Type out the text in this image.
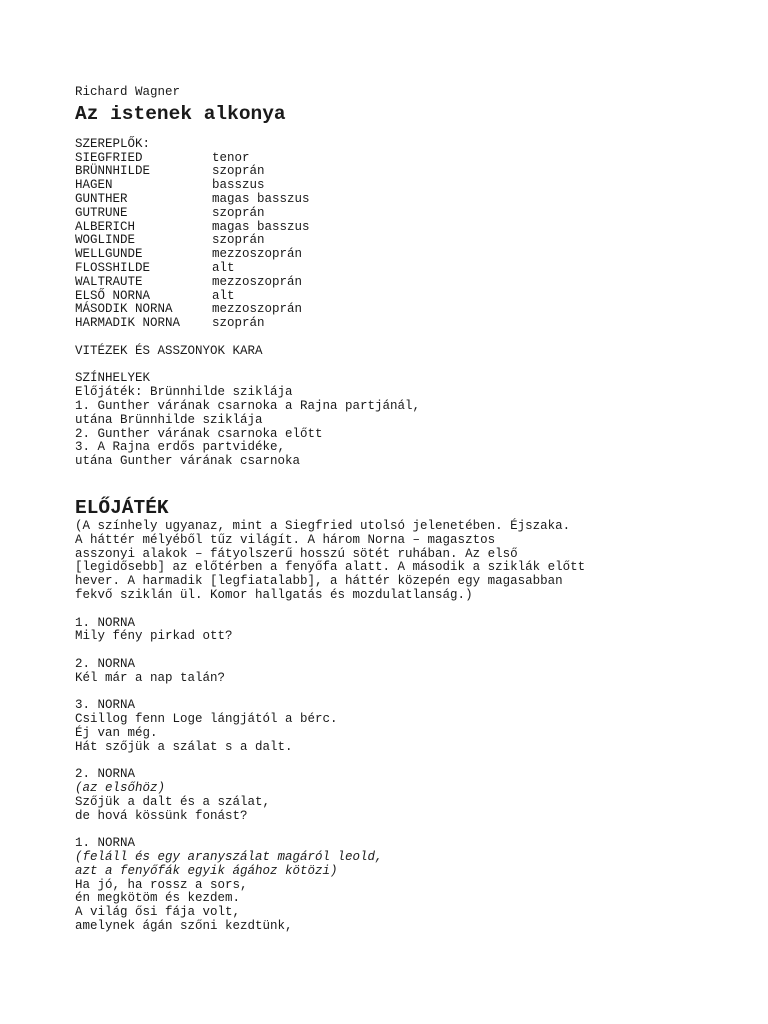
Richard Wagner
Az istenek alkonya
SZEREPLŐK:
SIEGFRIED	tenor
BRÜNNHILDE	szoprán
HAGEN	basszus
GUNTHER	magas basszus
GUTRUNE	szoprán
ALBERICH	magas basszus
WOGLINDE	szoprán
WELLGUNDE	mezzoszoprán
FLOSSHILDE	alt
WALTRAUTE	mezzoszoprán
ELSŐ NORNA	alt
MÁSODIK NORNA	mezzoszoprán
HARMADIK NORNA	szoprán
VITÉZEK ÉS ASSZONYOK KARA
SZÍNHELYEK
Előjáték: Brünnhilde sziklája
1. Gunther várának csarnoka a Rajna partjánál,
utána Brünnhilde sziklája
2. Gunther várának csarnoka előtt
3. A Rajna erdős partvidéke,
utána Gunther várának csarnoka
ELŐJÁTÉK
(A színhely ugyanaz, mint a Siegfried utolsó jelenetében. Éjszaka.
A háttér mélyéből tűz világít. A három Norna – magasztos
asszonyi alakok – fátyolszerű hosszú sötét ruhában. Az első
[legidősebb] az előtérben a fenyőfa alatt. A második a sziklák előtt
hever. A harmadik [legfiatalabb], a háttér közepén egy magasabban
fekvő sziklán ül. Komor hallgatás és mozdulatlanság.)
1. NORNA
Mily fény pirkad ott?
2. NORNA
Kél már a nap talán?
3. NORNA
Csillog fenn Loge lángjától a bérc.
Éj van még.
Hát szőjük a szálat s a dalt.
2. NORNA
(az elsőhöz)
Szőjük a dalt és a szálat,
de hová kössünk fonást?
1. NORNA
(feláll és egy aranyszálat magáról leold,
azt a fenyőfák egyik ágához kötözi)
Ha jó, ha rossz a sors,
én megkötöm és kezdem.
A világ ősi fája volt,
amelynek ágán szőni kezdtünk,
